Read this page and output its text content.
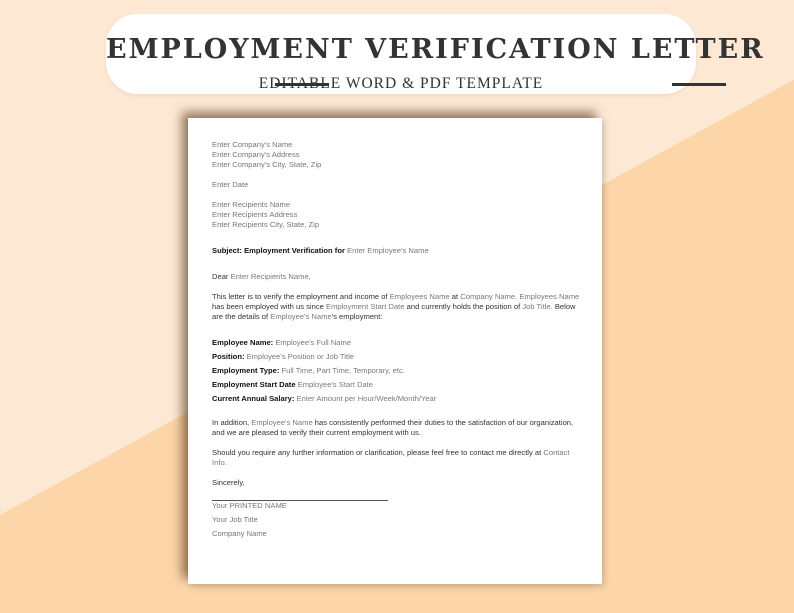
EMPLOYMENT VERIFICATION LETTER
EDITABLE WORD & PDF TEMPLATE
Enter Company's Name
Enter Company's Address
Enter Company's City, State, Zip
Enter Date
Enter Recipients Name
Enter Recipients Address
Enter Recipients City, State, Zip
Subject: Employment Verification for Enter Employee's Name
Dear Enter Recipients Name,
This letter is to verify the employment and income of Employees Name at Company Name. Employees Name has been employed with us since Employment Start Date and currently holds the position of Job Title. Below are the details of Employee's Name's employment:
Employee Name: Employee's Full Name
Position: Employee's Position or Job Title
Employment Type: Full Time, Part Time, Temporary, etc.
Employment Start Date Employee's Start Date
Current Annual Salary: Enter Amount per Hour/Week/Month/Year
In addition, Employee's Name has consistently performed their duties to the satisfaction of our organization, and we are pleased to verify their current employment with us.
Should you require any further information or clarification, please feel free to contact me directly at Contact Info.
Sincerely,
Your PRINTED NAME
Your Job Title
Company Name
